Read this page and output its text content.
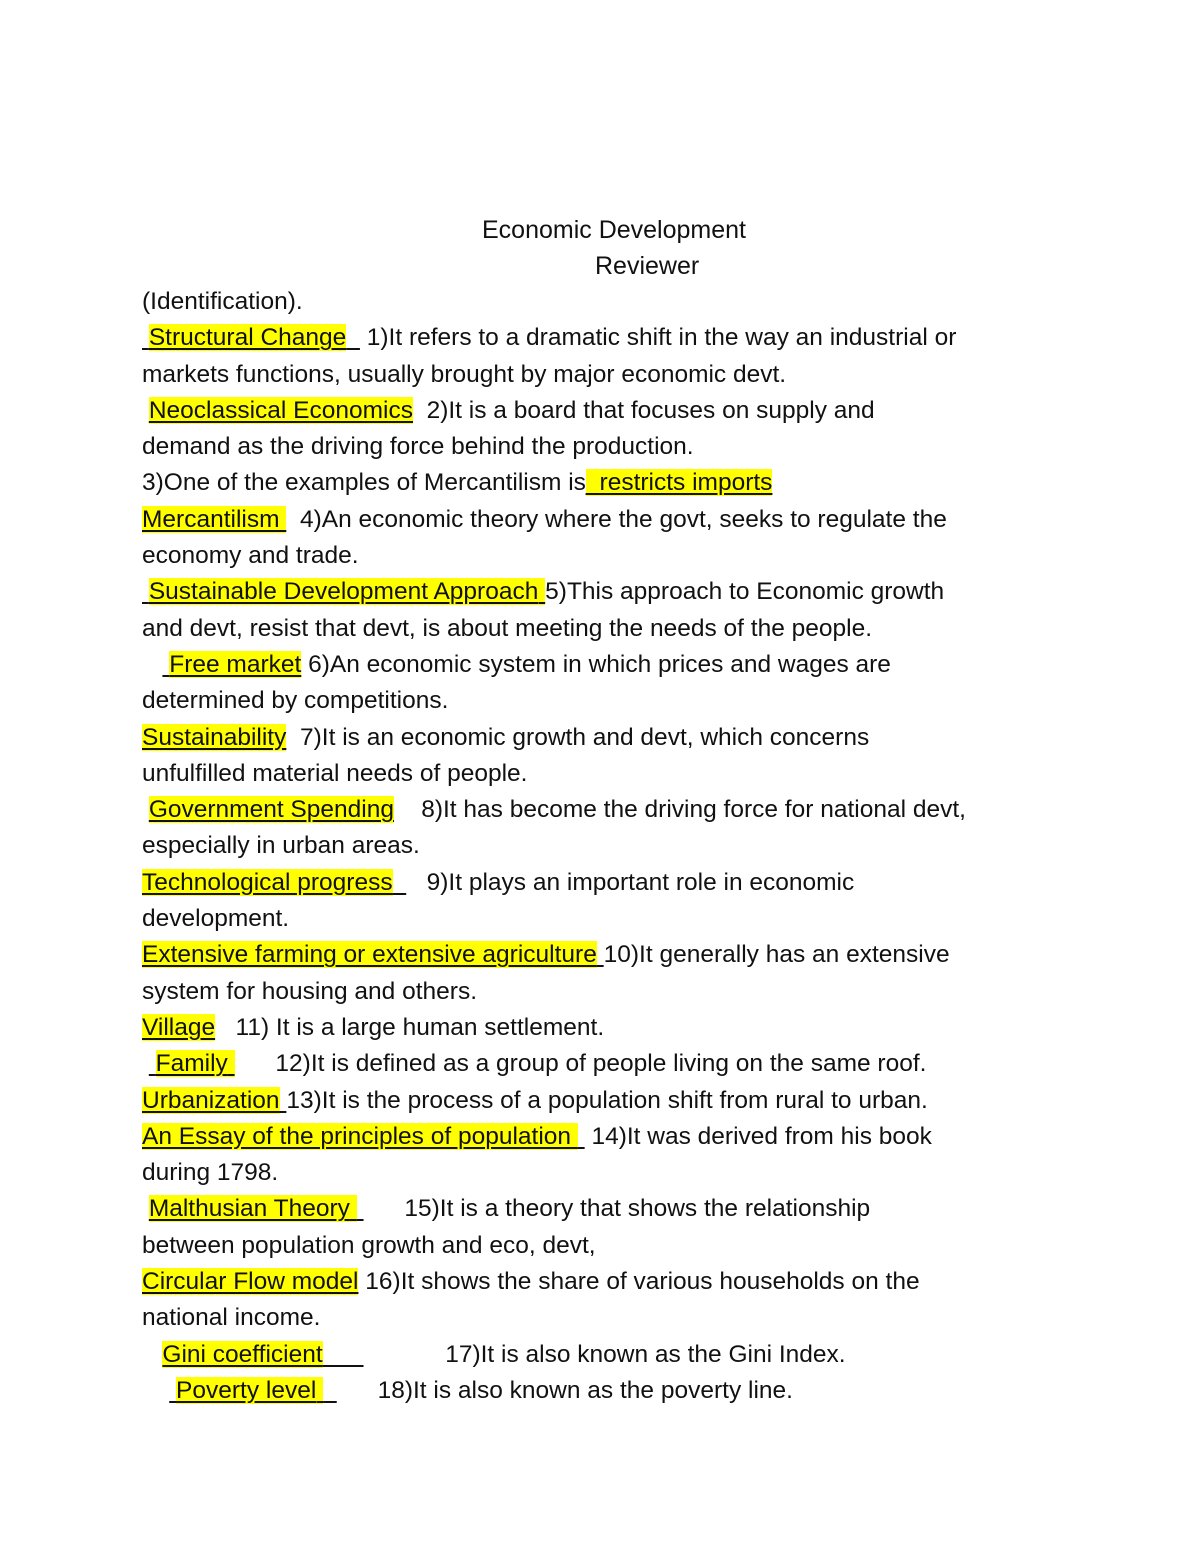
Economic Development
Reviewer
(Identification).
Structural Change 1)It refers to a dramatic shift in the way an industrial or
markets functions, usually brought by major economic devt.
Neoclassical Economics 2)It is a board that focuses on supply and
demand as the driving force behind the production.
3)One of the examples of Mercantilism is_restricts imports
Mercantilism 4)An economic theory where the govt, seeks to regulate the
economy and trade.
Sustainable Development Approach 5)This approach to Economic growth
and devt, resist that devt, is about meeting the needs of the people.
Free market 6)An economic system in which prices and wages are
determined by competitions.
Sustainability 7)It is an economic growth and devt, which concerns
unfulfilled material needs of people.
Government Spending 8)It has become the driving force for national devt,
especially in urban areas.
Technological progress 9)It plays an important role in economic
development.
Extensive farming or extensive agriculture 10)It generally has an extensive
system for housing and others.
Village 11) It is a large human settlement.
Family 12)It is defined as a group of people living on the same roof.
Urbanization 13)It is the process of a population shift from rural to urban.
An Essay of the principles of population 14)It was derived from his book
during 1798.
Malthusian Theory 15)It is a theory that shows the relationship
between population growth and eco, devt,
Circular Flow model 16)It shows the share of various households on the
national income.
Gini coefficient	17)It is also known as the Gini Index.
Poverty level	18)It is also known as the poverty line.
